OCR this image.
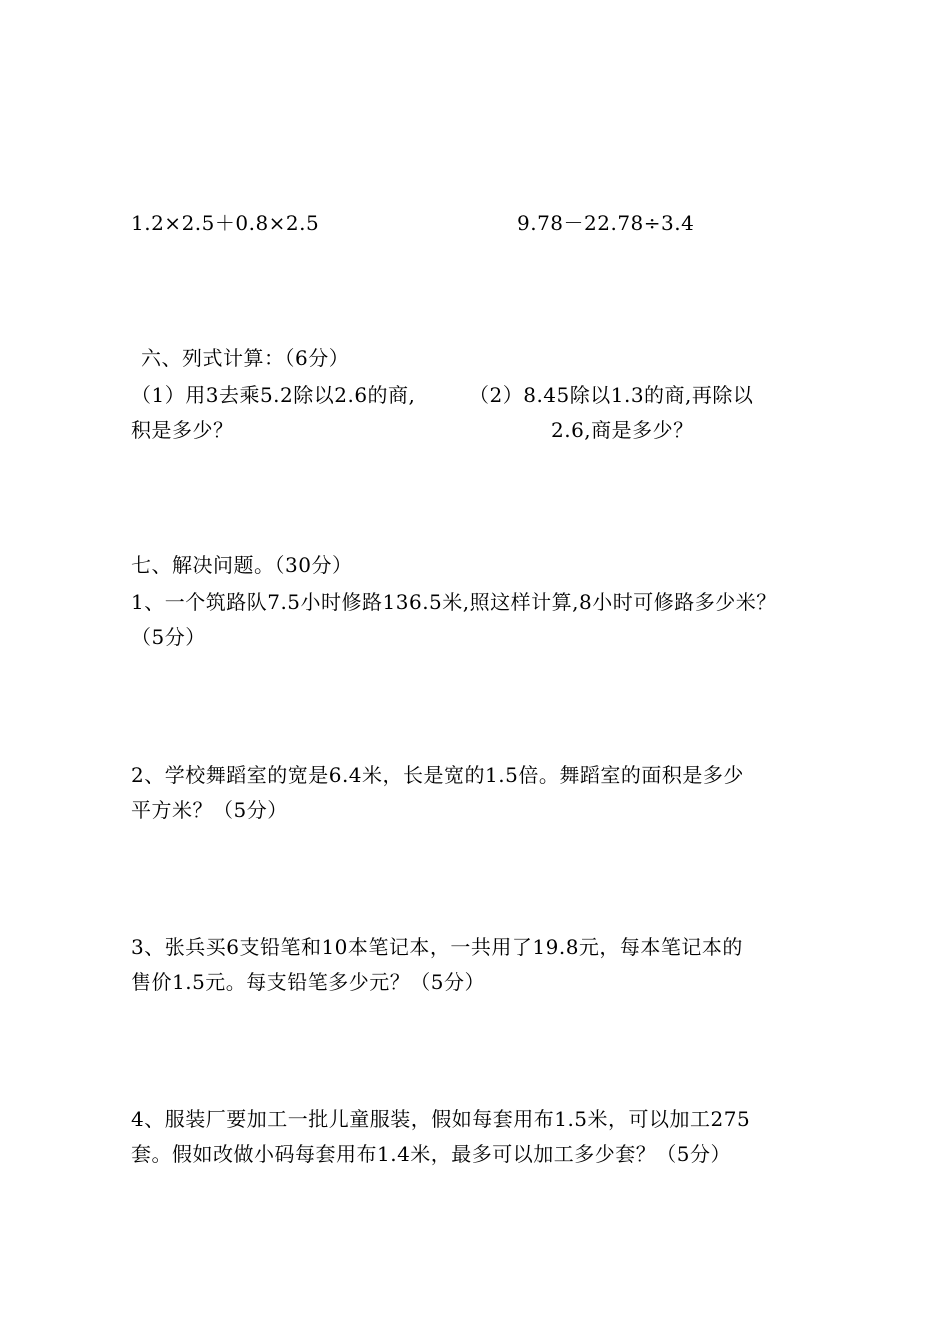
1.2×2.5＋0.8×2.5	9.78－22.78÷3.4
六、列式计算：（6分）
（1）用3去乘5.2除以2.6的商,
积是多少？
（2）8.45除以1.3的商,再除以
2.6,商是多少？
七、解决问题。（30分）
1、一个筑路队7.5小时修路136.5米,照这样计算,8小时可修路多少米？
（5分）
2、学校舞蹈室的宽是6.4米，长是宽的1.5倍。舞蹈室的面积是多少
平方米？（5分）
3、张兵买6支铅笔和10本笔记本，一共用了19.8元，每本笔记本的
售价1.5元。每支铅笔多少元？（5分）
4、服装厂要加工一批儿童服装，假如每套用布1.5米，可以加工275
套。假如改做小码每套用布1.4米，最多可以加工多少套？（5分）
